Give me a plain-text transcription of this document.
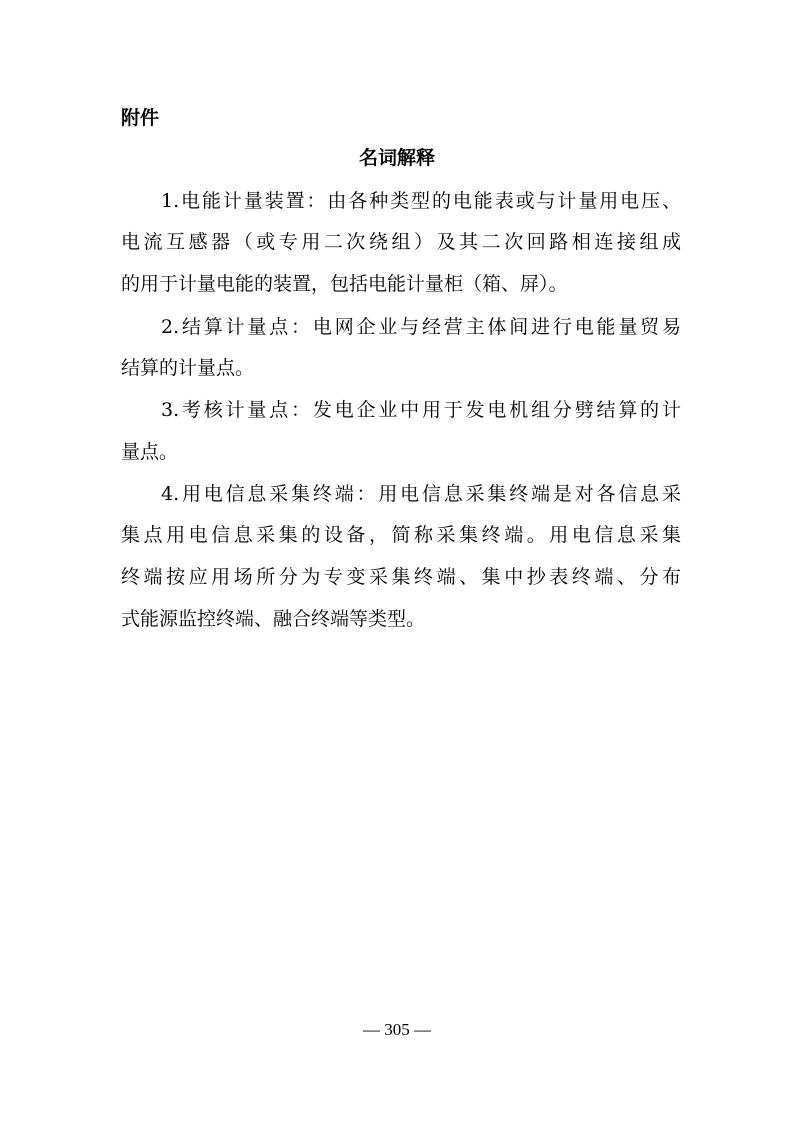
附件
名词解释
1.电能计量装置：由各种类型的电能表或与计量用电压、
电流互感器（或专用二次绕组）及其二次回路相连接组成
的用于计量电能的装置，包括电能计量柜（箱、屏）。
2.结算计量点：电网企业与经营主体间进行电能量贸易
结算的计量点。
3.考核计量点：发电企业中用于发电机组分劈结算的计
量点。
4.用电信息采集终端：用电信息采集终端是对各信息采
集点用电信息采集的设备，简称采集终端。用电信息采集
终端按应用场所分为专变采集终端、集中抄表终端、分布
式能源监控终端、融合终端等类型。
— 305 —
